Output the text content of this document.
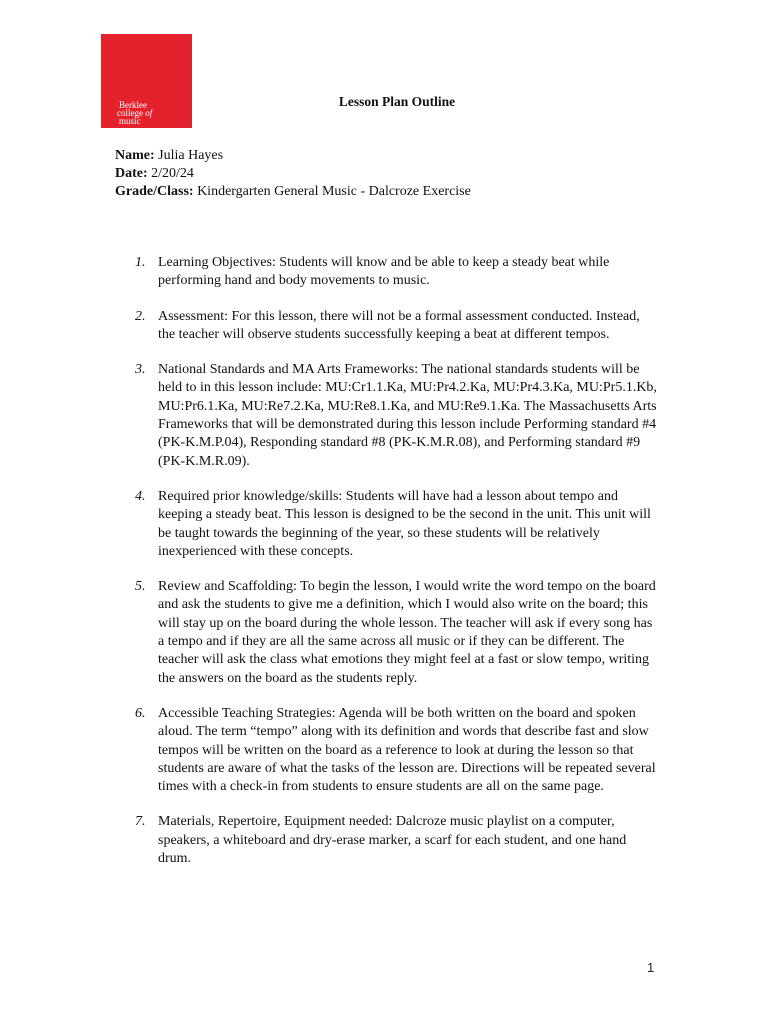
Berklee
college of
music
Lesson Plan Outline
Name: Julia Hayes
Date: 2/20/24
Grade/Class: Kindergarten General Music - Dalcroze Exercise
1. Learning Objectives: Students will know and be able to keep a steady beat while performing hand and body movements to music.
2. Assessment: For this lesson, there will not be a formal assessment conducted. Instead, the teacher will observe students successfully keeping a beat at different tempos.
3. National Standards and MA Arts Frameworks: The national standards students will be held to in this lesson include: MU:Cr1.1.Ka, MU:Pr4.2.Ka, MU:Pr4.3.Ka, MU:Pr5.1.Kb, MU:Pr6.1.Ka, MU:Re7.2.Ka, MU:Re8.1.Ka, and MU:Re9.1.Ka. The Massachusetts Arts Frameworks that will be demonstrated during this lesson include Performing standard #4 (PK-K.M.P.04), Responding standard #8 (PK-K.M.R.08), and Performing standard #9 (PK-K.M.R.09).
4. Required prior knowledge/skills: Students will have had a lesson about tempo and keeping a steady beat. This lesson is designed to be the second in the unit. This unit will be taught towards the beginning of the year, so these students will be relatively inexperienced with these concepts.
5. Review and Scaffolding: To begin the lesson, I would write the word tempo on the board and ask the students to give me a definition, which I would also write on the board; this will stay up on the board during the whole lesson. The teacher will ask if every song has a tempo and if they are all the same across all music or if they can be different. The teacher will ask the class what emotions they might feel at a fast or slow tempo, writing the answers on the board as the students reply.
6. Accessible Teaching Strategies: Agenda will be both written on the board and spoken aloud. The term “tempo” along with its definition and words that describe fast and slow tempos will be written on the board as a reference to look at during the lesson so that students are aware of what the tasks of the lesson are. Directions will be repeated several times with a check-in from students to ensure students are all on the same page.
7. Materials, Repertoire, Equipment needed: Dalcroze music playlist on a computer, speakers, a whiteboard and dry-erase marker, a scarf for each student, and one hand drum.
1
